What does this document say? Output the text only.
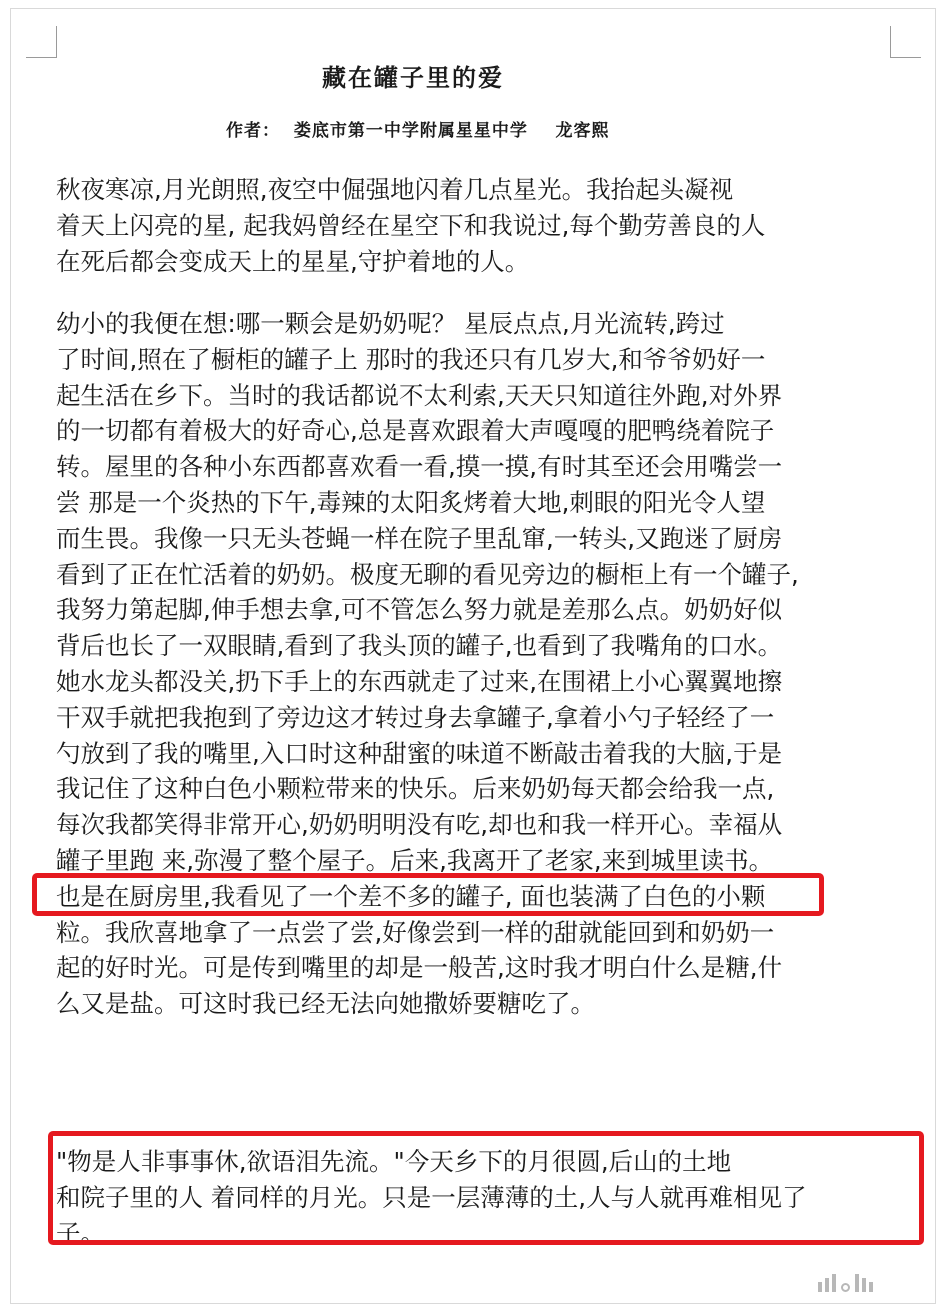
藏在罐子里的爱
作者：  娄底市第一中学附属星星中学    龙客熙
秋夜寒凉,月光朗照,夜空中倔强地闪着几点星光。我抬起头凝视
着天上闪亮的星, 起我妈曾经在星空下和我说过,每个勤劳善良的人
在死后都会变成天上的星星,守护着地的人。
幼小的我便在想:哪一颗会是奶奶呢？ 星辰点点,月光流转,跨过
了时间,照在了橱柜的罐子上 那时的我还只有几岁大,和爷爷奶好一
起生活在乡下。当时的我话都说不太利索,天天只知道往外跑,对外界
的一切都有着极大的好奇心,总是喜欢跟着大声嘎嘎的肥鸭绕着院子
转。屋里的各种小东西都喜欢看一看,摸一摸,有时其至还会用嘴尝一
尝 那是一个炎热的下午,毒辣的太阳炙烤着大地,刺眼的阳光令人望
而生畏。我像一只无头苍蝇一样在院子里乱窜,一转头,又跑迷了厨房
看到了正在忙活着的奶奶。极度无聊的看见旁边的橱柜上有一个罐子,
我努力第起脚,伸手想去拿,可不管怎么努力就是差那么点。奶奶好似
背后也长了一双眼睛,看到了我头顶的罐子,也看到了我嘴角的口水。
她水龙头都没关,扔下手上的东西就走了过来,在围裙上小心翼翼地擦
干双手就把我抱到了旁边这才转过身去拿罐子,拿着小勺子轻经了一
勺放到了我的嘴里,入口时这种甜蜜的味道不断敲击着我的大脑,于是
我记住了这种白色小颗粒带来的快乐。后来奶奶每天都会给我一点,
每次我都笑得非常开心,奶奶明明没有吃,却也和我一样开心。幸福从
罐子里跑 来,弥漫了整个屋子。后来,我离开了老家,来到城里读书。
也是在厨房里,我看见了一个差不多的罐子, 面也装满了白色的小颗
粒。我欣喜地拿了一点尝了尝,好像尝到一样的甜就能回到和奶奶一
起的好时光。可是传到嘴里的却是一般苦,这时我才明白什么是糖,什
么又是盐。可这时我已经无法向她撒娇要糖吃了。
"物是人非事事休,欲语泪先流。"今天乡下的月很圆,后山的土地
和院子里的人 着同样的月光。只是一层薄薄的土,人与人就再难相见了
子。
